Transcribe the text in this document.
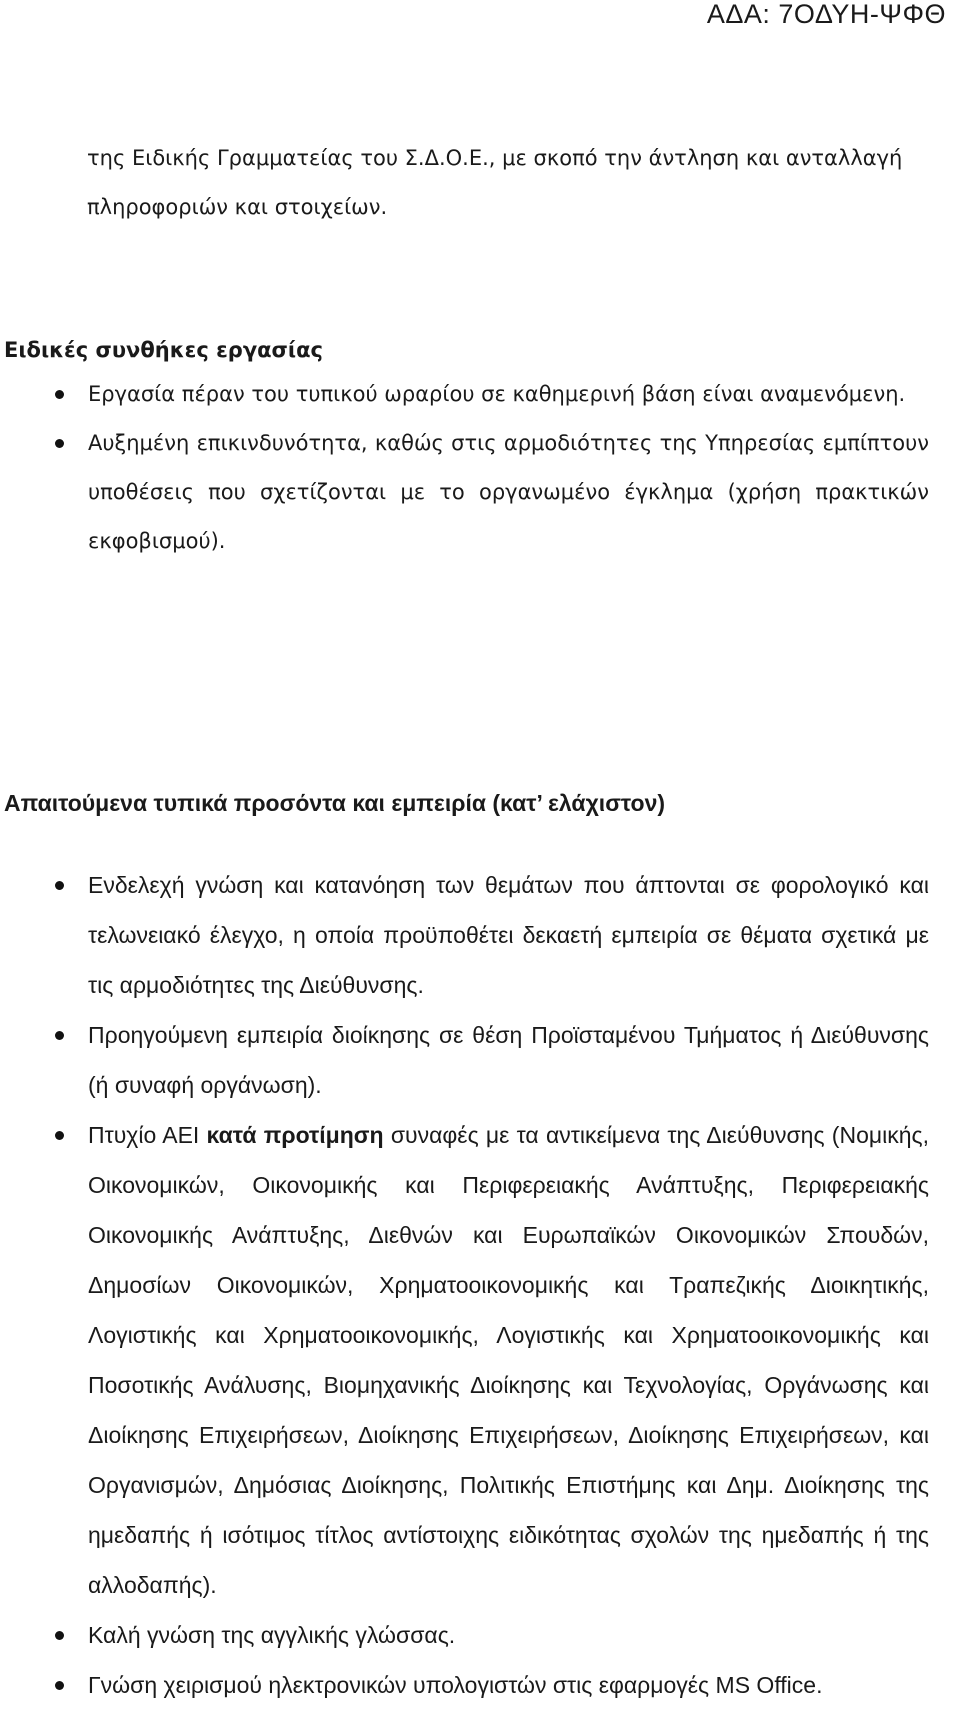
ΑΔΑ: 7ΟΔΥΗ-ΨΦΘ

της Ειδικής Γραμματείας του Σ.Δ.Ο.Ε., με σκοπό την άντληση και ανταλλαγή
πληροφοριών και στοιχείων.

Ειδικές συνθήκες εργασίας
Εργασία πέραν του τυπικού ωραρίου σε καθημερινή βάση είναι αναμενόμενη.
Αυξημένη επικινδυνότητα, καθώς στις αρμοδιότητες της Υπηρεσίας εμπίπτουν υποθέσεις που σχετίζονται με το οργανωμένο έγκλημα (χρήση πρακτικών εκφοβισμού).
Απαιτούμενα τυπικά προσόντα και εμπειρία (κατ’ ελάχιστον)
Ενδελεχή γνώση και κατανόηση των θεμάτων που άπτονται σε φορολογικό και τελωνειακό έλεγχο, η οποία προϋποθέτει δεκαετή εμπειρία σε θέματα σχετικά με τις αρμοδιότητες της Διεύθυνσης.
Προηγούμενη εμπειρία διοίκησης σε θέση Προϊσταμένου Τμήματος ή Διεύθυνσης (ή συναφή οργάνωση).
Πτυχίο ΑΕΙ κατά προτίμηση συναφές με τα αντικείμενα της Διεύθυνσης (Νομικής, Οικονομικών, Οικονομικής και Περιφερειακής Ανάπτυξης, Περιφερειακής Οικονομικής Ανάπτυξης, Διεθνών και Ευρωπαϊκών Οικονομικών Σπουδών, Δημοσίων Οικονομικών, Χρηματοοικονομικής και Τραπεζικής Διοικητικής, Λογιστικής και Χρηματοοικονομικής, Λογιστικής και Χρηματοοικονομικής και Ποσοτικής Ανάλυσης, Βιομηχανικής Διοίκησης και Τεχνολογίας, Οργάνωσης και Διοίκησης Επιχειρήσεων, Διοίκησης Επιχειρήσεων, Διοίκησης Επιχειρήσεων, και Οργανισμών, Δημόσιας Διοίκησης, Πολιτικής Επιστήμης και Δημ. Διοίκησης της ημεδαπής ή ισότιμος τίτλος αντίστοιχης ειδικότητας σχολών της ημεδαπής ή της αλλοδαπής).
Καλή γνώση της αγγλικής γλώσσας.
Γνώση χειρισμού ηλεκτρονικών υπολογιστών στις εφαρμογές MS Office.
